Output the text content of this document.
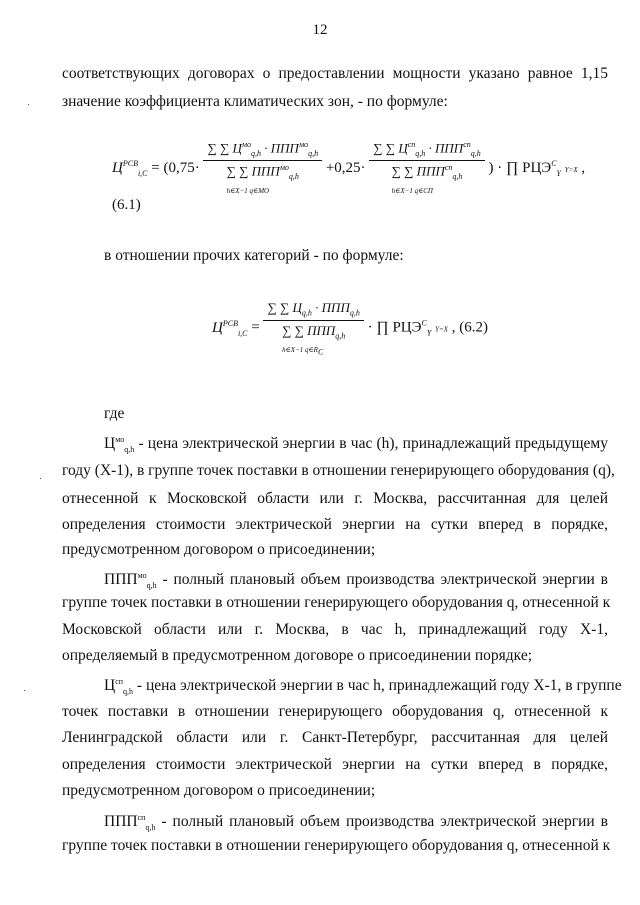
12
соответствующих договорах о предоставлении мощности указано равное 1,15
значение коэффициента климатических зон, - по формуле:
$Ц^{РСВ}_{i,C} = (0,75\cdot$
∑ ∑ $Ц^{мо}_{q,h} \cdot ППП^{мо}_{q,h}$
∑ ∑ $ППП^{мо}_{q,h}$
h∈X−1 q∈МО
+0,25·
∑ ∑ $Ц^{сп}_{q,h} \cdot ППП^{сп}_{q,h}$
∑ ∑ $ППП^{сп}_{q,h}$
h∈X−1 q∈СП
) · ∏ $РЦЭ^C_Y$ Y=X , (6.1)
в отношении прочих категорий - по формуле:
$Ц^{РСВ}_{i,C}$ =
∑ ∑ $Ц_{q,h} \cdot ППП_{q,h}$
∑ ∑ $ППП_{q,h}$
h∈X−1 $q\in R_C$
· ∏ $РЦЭ^C_Y$ Y=X , (6.2)
где
$Ц^{мо}_{q,h}$ - цена электрической энергии в час (h), принадлежащий предыдущему
году (X-1), в группе точек поставки в отношении генерирующего оборудования (q),
отнесенной к Московской области или г. Москва, рассчитанная для целей
определения стоимости электрической энергии на сутки вперед в порядке,
предусмотренном договором о присоединении;
$ППП^{мо}_{q,h}$ - полный плановый объем производства электрической энергии в
группе точек поставки в отношении генерирующего оборудования q, отнесенной к
Московской области или г. Москва, в час h, принадлежащий году Х-1,
определяемый в предусмотренном договоре о присоединении порядке;
$Ц^{сп}_{q,h}$ - цена электрической энергии в час h, принадлежащий году Х-1, в группе
точек поставки в отношении генерирующего оборудования q, отнесенной к
Ленинградской области или г. Санкт-Петербург, рассчитанная для целей
определения стоимости электрической энергии на сутки вперед в порядке,
предусмотренном договором о присоединении;
$ППП^{сп}_{q,h}$ - полный плановый объем производства электрической энергии в
группе точек поставки в отношении генерирующего оборудования q, отнесенной к
